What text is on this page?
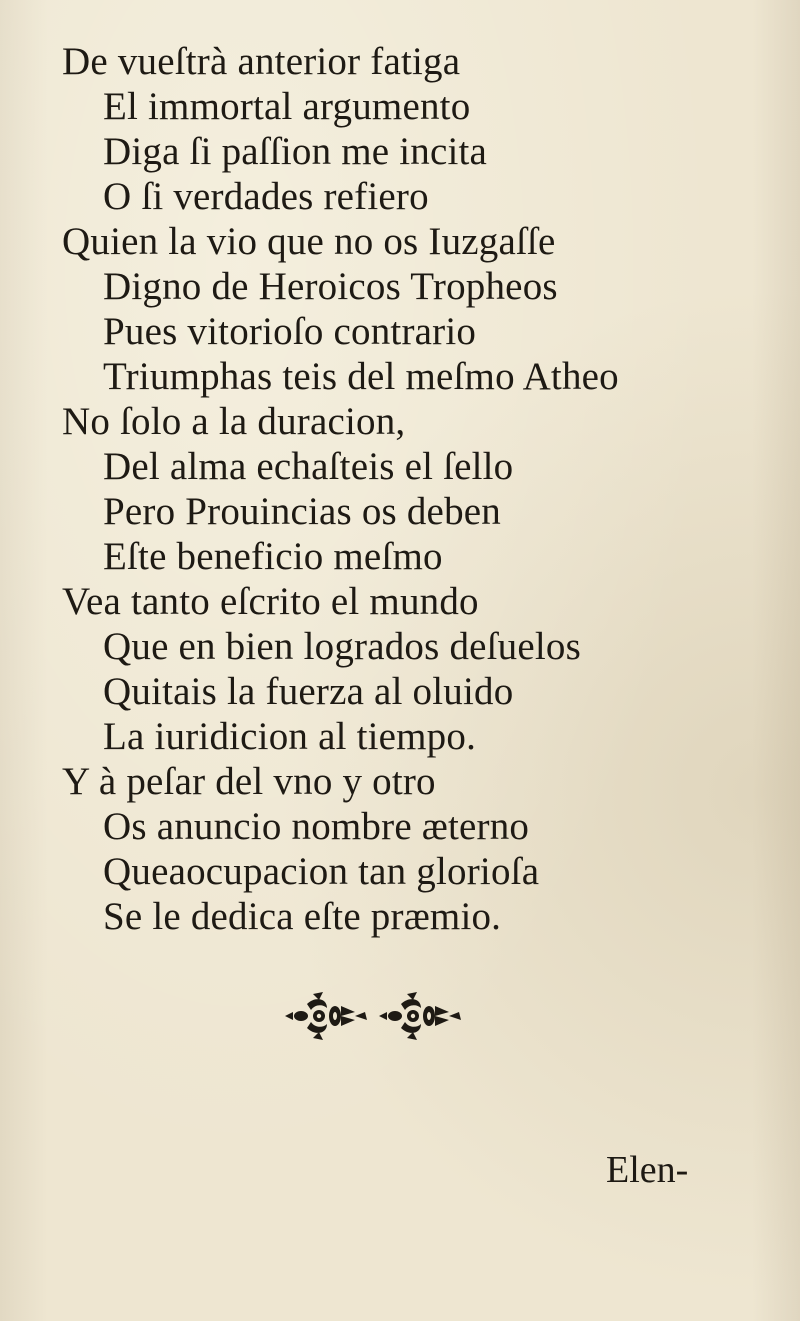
De vueſtrà anterior fatiga
El immortal argumento
Diga ſi paſſion me incita
O ſi verdades refiero
Quien la vio que no os Iuzgaſſe
Digno de Heroicos Tropheos
Pues vitorioſo contrario
Triumphas teis del meſmo Atheo
No ſolo a la duracion,
Del alma echaſteis el ſello
Pero Prouincias os deben
Eſte beneficio meſmo
Vea tanto eſcrito el mundo
Que en bien logrados deſuelos
Quitais la fuerza al oluido
La iuridicion al tiempo.
Y à peſar del vno y otro
Os anuncio nombre æterno
Queaocupacion tan glorioſa
Se le dedica eſte præmio.
Elen-
